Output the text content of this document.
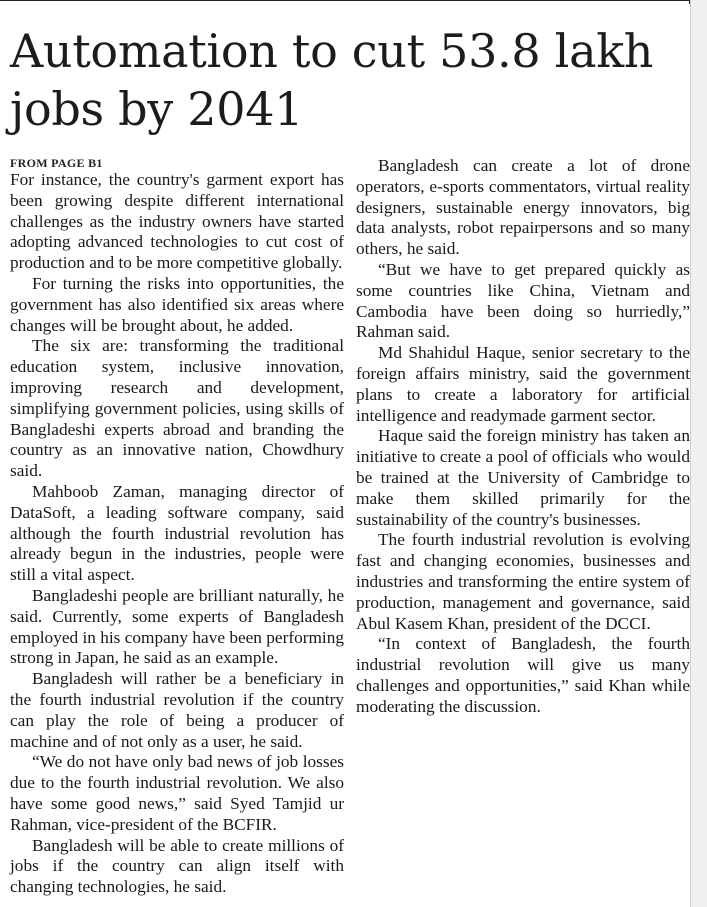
Automation to cut 53.8 lakh jobs by 2041
FROM PAGE B1

For instance, the country's garment export has been growing despite different international challenges as the industry owners have started adopting advanced technologies to cut cost of production and to be more competitive globally.

For turning the risks into opportunities, the government has also identified six areas where changes will be brought about, he added.

The six are: transforming the traditional education system, inclusive innovation, improving research and development, simplifying government policies, using skills of Bangladeshi experts abroad and branding the country as an innovative nation, Chowdhury said.

Mahboob Zaman, managing director of DataSoft, a leading software company, said although the fourth industrial revolution has already begun in the industries, people were still a vital aspect.

Bangladeshi people are brilliant naturally, he said. Currently, some experts of Bangladesh employed in his company have been performing strong in Japan, he said as an example.

Bangladesh will rather be a beneficiary in the fourth industrial revolution if the country can play the role of being a producer of machine and of not only as a user, he said.

“We do not have only bad news of job losses due to the fourth industrial revolution. We also have some good news,” said Syed Tamjid ur Rahman, vice-president of the BCFIR.

Bangladesh will be able to create millions of jobs if the country can align itself with changing technologies, he said.

Bangladesh can create a lot of drone operators, e-sports commentators, virtual reality designers, sustainable energy innovators, big data analysts, robot repairpersons and so many others, he said.

“But we have to get prepared quickly as some countries like China, Vietnam and Cambodia have been doing so hurriedly,” Rahman said.

Md Shahidul Haque, senior secretary to the foreign affairs ministry, said the government plans to create a laboratory for artificial intelligence and readymade garment sector.

Haque said the foreign ministry has taken an initiative to create a pool of officials who would be trained at the University of Cambridge to make them skilled primarily for the sustainability of the country's businesses.

The fourth industrial revolution is evolving fast and changing economies, businesses and industries and transforming the entire system of production, management and governance, said Abul Kasem Khan, president of the DCCI.

“In context of Bangladesh, the fourth industrial revolution will give us many challenges and opportunities,” said Khan while moderating the discussion.
